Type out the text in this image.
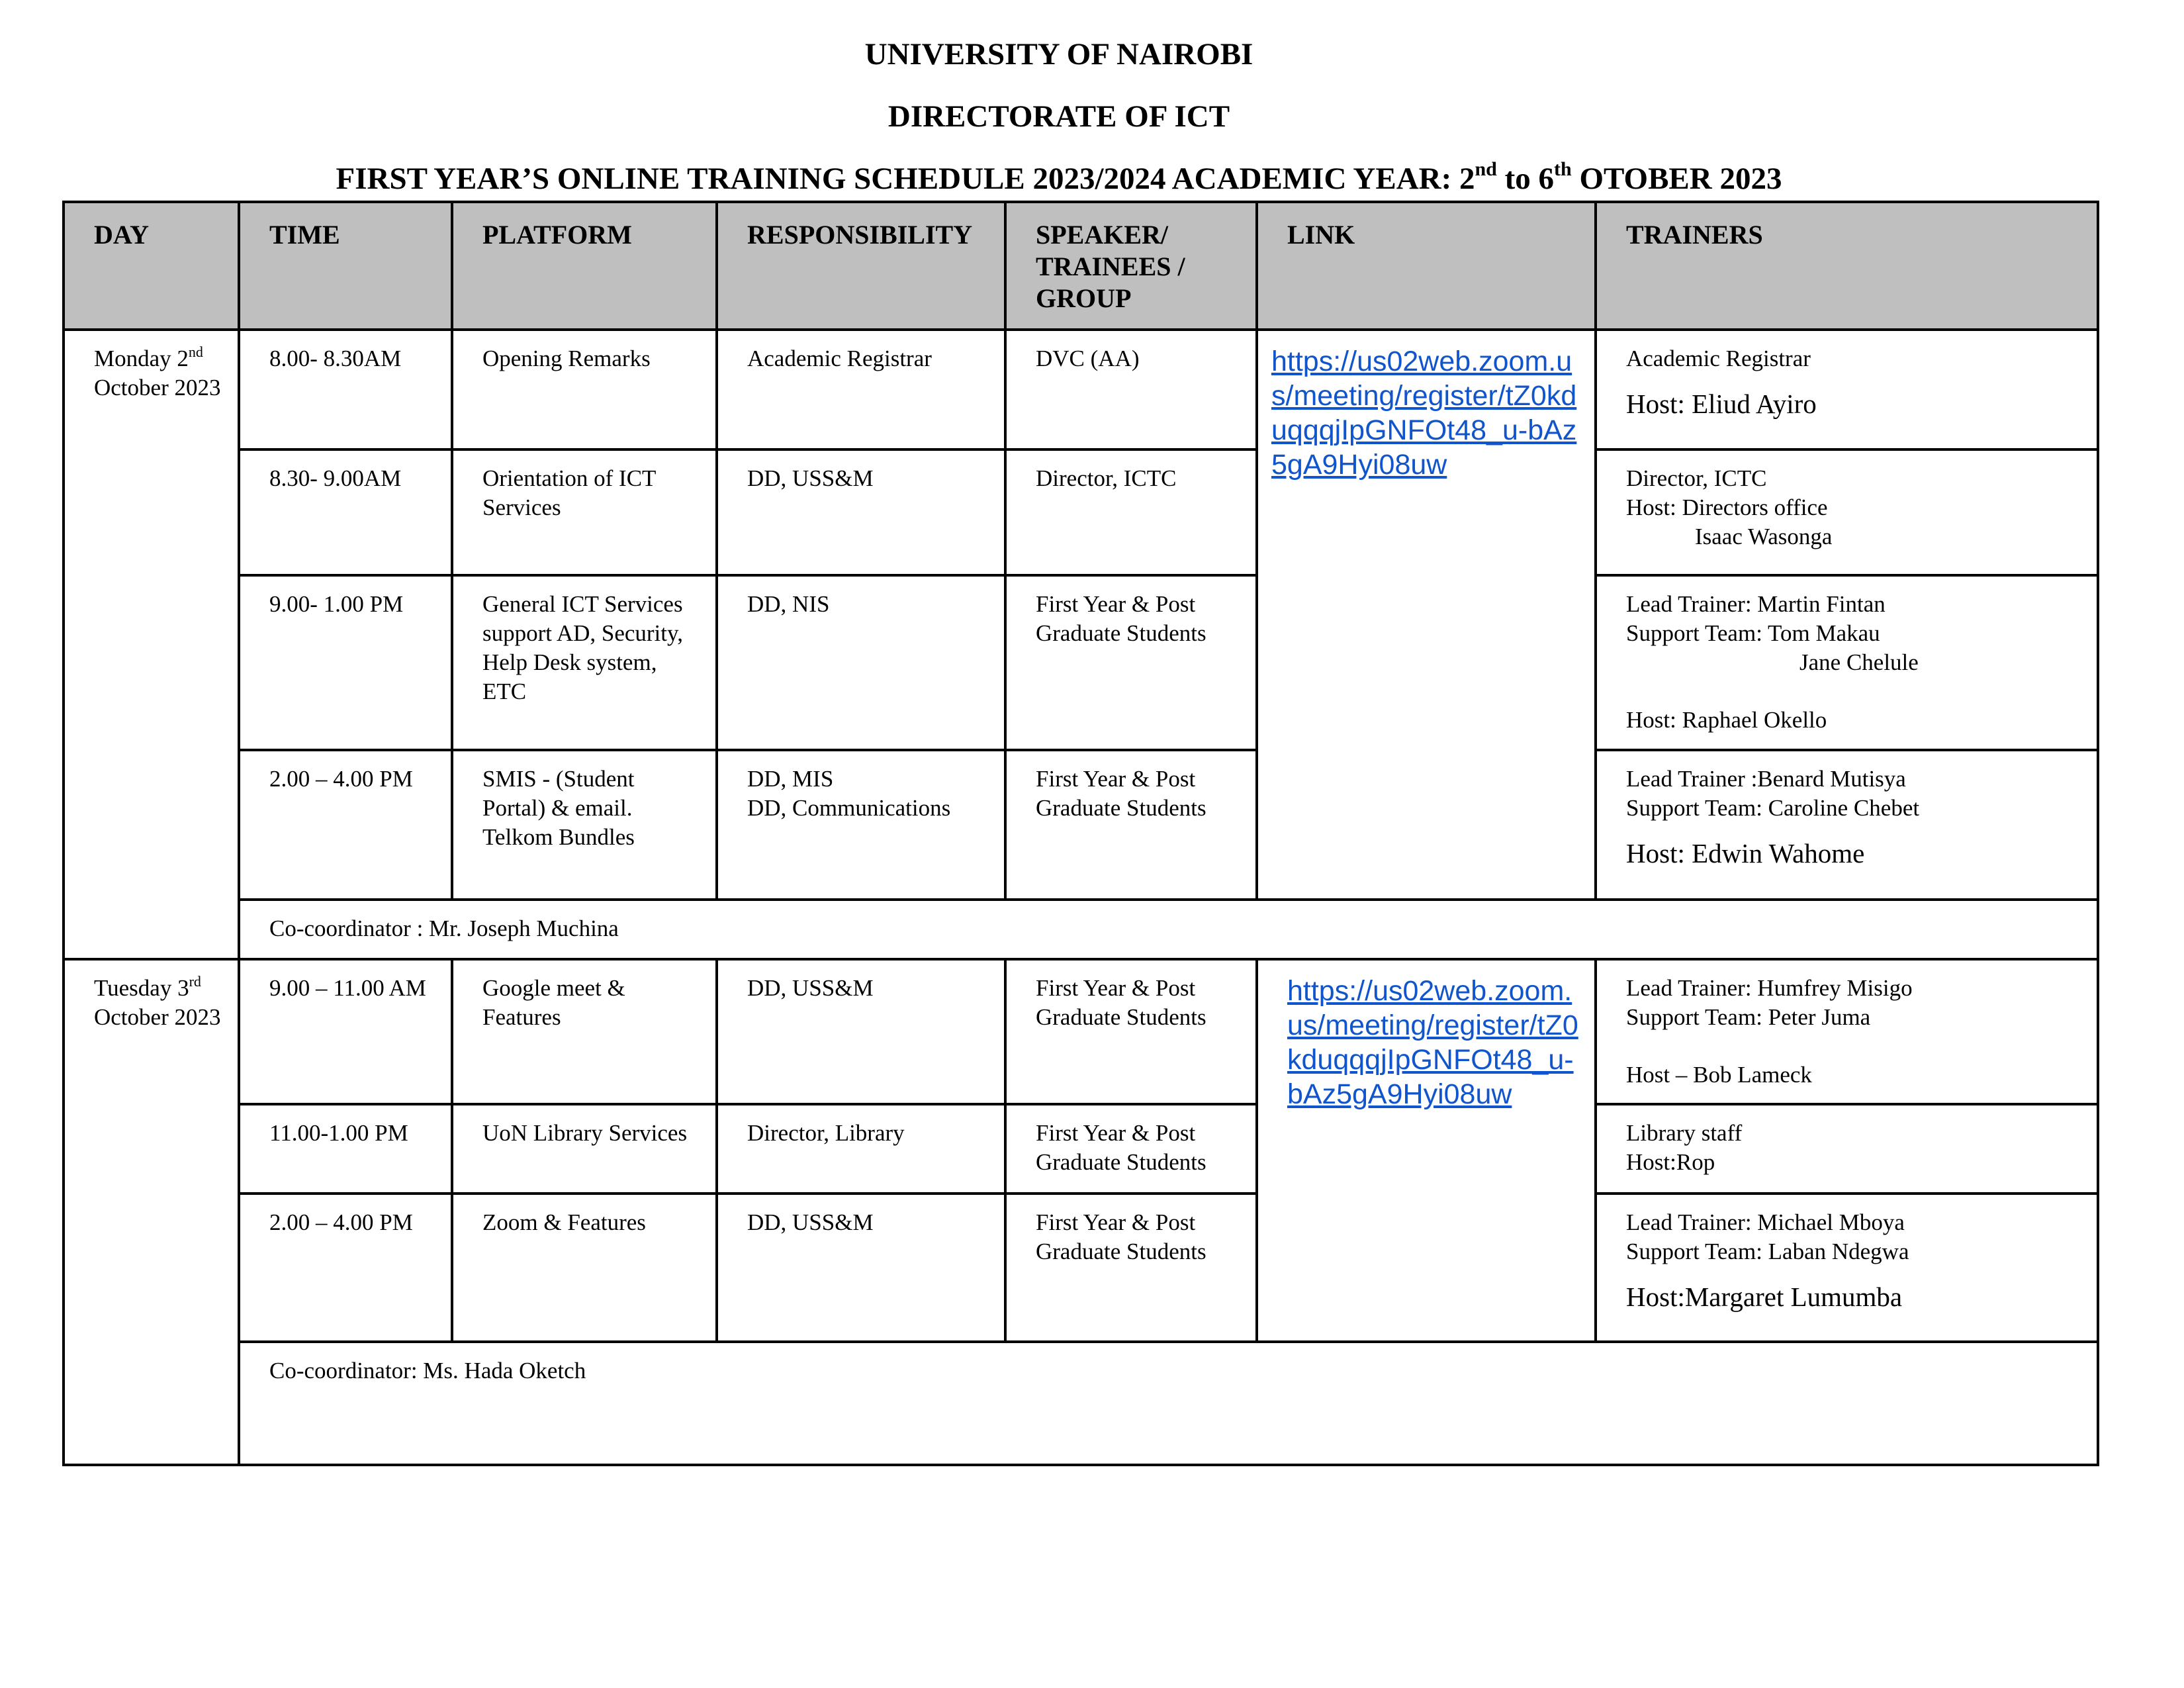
UNIVERSITY OF NAIROBI
DIRECTORATE OF ICT
FIRST YEAR’S ONLINE TRAINING SCHEDULE 2023/2024 ACADEMIC YEAR: 2nd to 6th OTOBER 2023
DAY	TIME	PLATFORM	RESPONSIBILITY	SPEAKER/ TRAINEES / GROUP	LINK	TRAINERS
Monday 2nd
October 2023	8.00- 8.30AM	Opening Remarks	Academic Registrar	DVC (AA)	https://us02web.zoom.us/meeting/register/tZ0kduqqqjIpGNFOt48_u-bAz5gA9Hyi08uw	Academic Registrar
Host: Eliud Ayiro

	8.30- 9.00AM	Orientation of ICT Services	DD, USS&M	Director, ICTC		Director, ICTC
Host: Directors office
Isaac Wasonga

	9.00- 1.00 PM	General ICT Services support AD, Security, Help Desk system, ETC	DD, NIS	First Year & Post Graduate Students		Lead Trainer: Martin Fintan
Support Team: Tom Makau
Jane Chelule
Host: Raphael Okello

	2.00 – 4.00 PM	SMIS - (Student Portal) & email. Telkom Bundles	DD, MIS
DD, Communications	First Year & Post Graduate Students		Lead Trainer :Benard Mutisya
Support Team: Caroline Chebet
Host: Edwin Wahome

	Co-coordinator : Mr. Joseph Muchina					
Tuesday 3rd October 2023	9.00 – 11.00 AM	Google meet & Features	DD, USS&M	First Year & Post Graduate Students	https://us02web.zoom.us/meeting/register/tZ0kduqqqjIpGNFOt48_u-bAz5gA9Hyi08uw	Lead Trainer: Humfrey Misigo
Support Team: Peter Juma
Host – Bob Lameck

	11.00-1.00 PM	UoN Library Services	Director, Library	First Year & Post Graduate Students		Library staff
Host:Rop

	2.00 – 4.00 PM	Zoom & Features	DD, USS&M	First Year & Post Graduate Students		Lead Trainer: Michael Mboya
Support Team: Laban Ndegwa
Host:Margaret Lumumba

	Co-coordinator: Ms. Hada Oketch					
